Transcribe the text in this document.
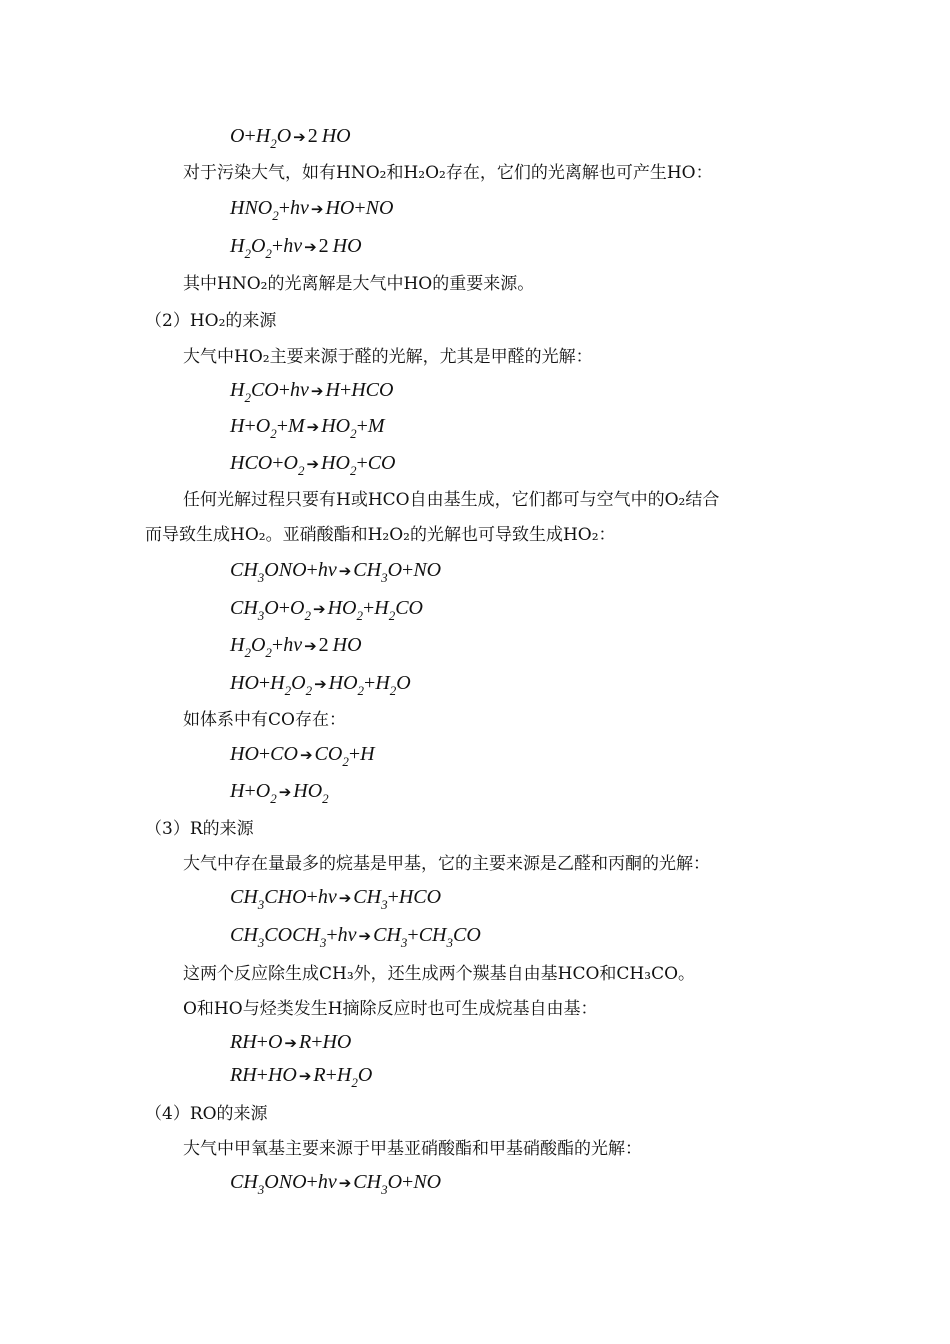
$O+H_2O$ ➔ 2 HO
对于污染大气，如有HNO₂和H₂O₂存在，它们的光离解也可产生HO：
$HNO_2+h\nu$ ➔ HO+NO
$H_2O_2+h\nu$ ➔ 2 HO
其中HNO₂的光离解是大气中HO的重要来源。
（2）HO₂的来源
大气中HO₂主要来源于醛的光解，尤其是甲醛的光解：
$H_2CO+h\nu$ ➔ H+HCO
$H+O_2+M$ ➔ $HO_2+M$
$HCO+O_2$ ➔ $HO_2+CO$
任何光解过程只要有H或HCO自由基生成，它们都可与空气中的O₂结合
而导致生成HO₂。亚硝酸酯和H₂O₂的光解也可导致生成HO₂：
$CH_3ONO+h\nu$ ➔ $CH_3O+NO$
$CH_3O+O_2$ ➔ $HO_2+H_2CO$
$H_2O_2+h\nu$ ➔ 2 HO
$HO+H_2O_2$ ➔ $HO_2+H_2O$
如体系中有CO存在：
HO+CO ➔ $CO_2+H$
$H+O_2$ ➔ $HO_2$
（3）R的来源
大气中存在量最多的烷基是甲基，它的主要来源是乙醛和丙酮的光解：
$CH_3CHO+h\nu$ ➔ $CH_3+HCO$
$CH_3COCH_3+h\nu$ ➔ $CH_3+CH_3CO$
这两个反应除生成CH₃外，还生成两个羰基自由基HCO和CH₃CO。
O和HO与烃类发生H摘除反应时也可生成烷基自由基：
RH+O ➔ R+HO
RH+HO ➔ $R+H_2O$
（4）RO的来源
大气中甲氧基主要来源于甲基亚硝酸酯和甲基硝酸酯的光解：
$CH_3ONO+h\nu$ ➔ $CH_3O+NO$
